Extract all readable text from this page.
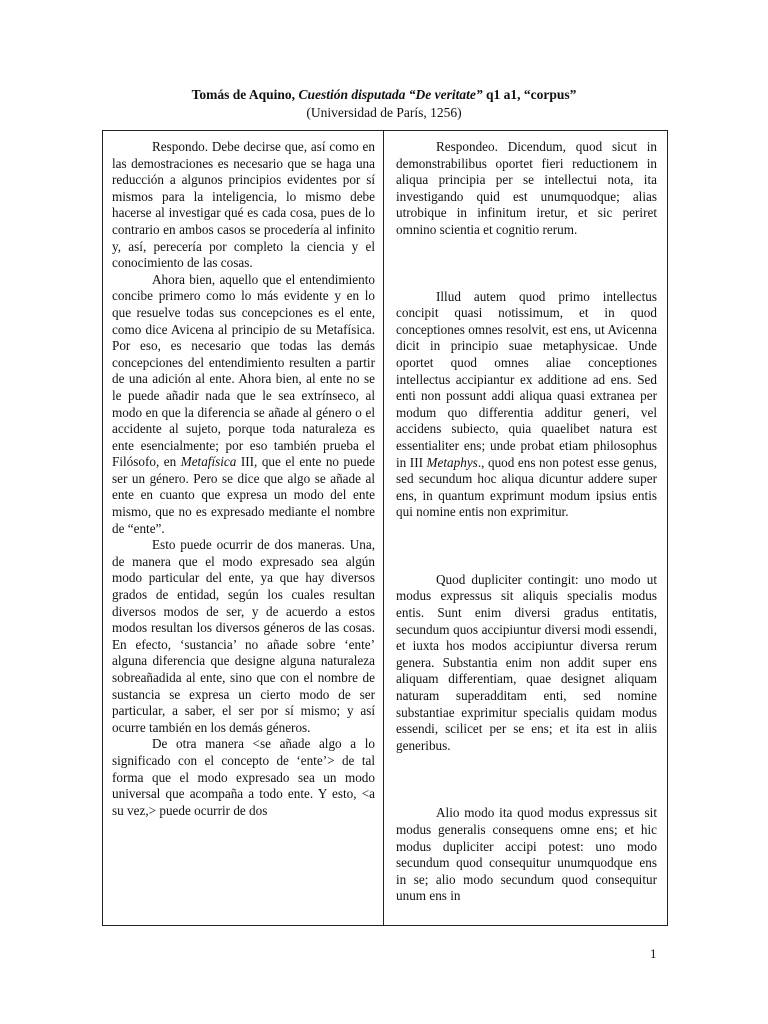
Tomás de Aquino, Cuestión disputada “De veritate” q1 a1, “corpus”
(Universidad de París, 1256)

Respondo. Debe decirse que, así como en las demostraciones es necesario que se haga una reducción a algunos principios evidentes por sí mismos para la inteligencia, lo mismo debe hacerse al investigar qué es cada cosa, pues de lo contrario en ambos casos se procedería al infinito y, así, perecería por completo la ciencia y el conocimiento de las cosas.

Ahora bien, aquello que el entendimiento concibe primero como lo más evidente y en lo que resuelve todas sus concepciones es el ente, como dice Avicena al principio de su Metafísica. Por eso, es necesario que todas las demás concepciones del entendimiento resulten a partir de una adición al ente. Ahora bien, al ente no se le puede añadir nada que le sea extrínseco, al modo en que la diferencia se añade al género o el accidente al sujeto, porque toda naturaleza es ente esencialmente; por eso también prueba el Filósofo, en Metafísica III, que el ente no puede ser un género. Pero se dice que algo se añade al ente en cuanto que expresa un modo del ente mismo, que no es expresado mediante el nombre de “ente”.

Esto puede ocurrir de dos maneras. Una, de manera que el modo expresado sea algún modo particular del ente, ya que hay diversos grados de entidad, según los cuales resultan diversos modos de ser, y de acuerdo a estos modos resultan los diversos géneros de las cosas. En efecto, ‘sustancia’ no añade sobre ‘ente’ alguna diferencia que designe alguna naturaleza sobreañadida al ente, sino que con el nombre de sustancia se expresa un cierto modo de ser particular, a saber, el ser por sí mismo; y así ocurre también en los demás géneros.

De otra manera <se añade algo a lo significado con el concepto de ‘ente’> de tal forma que el modo expresado sea un modo universal que acompaña a todo ente. Y esto, <a su vez,> puede ocurrir de dos

Respondeo. Dicendum, quod sicut in demonstrabilibus oportet fieri reductionem in aliqua principia per se intellectui nota, ita investigando quid est unumquodque; alias utrobique in infinitum iretur, et sic periret omnino scientia et cognitio rerum.

Illud autem quod primo intellectus concipit quasi notissimum, et in quod conceptiones omnes resolvit, est ens, ut Avicenna dicit in principio suae metaphysicae. Unde oportet quod omnes aliae conceptiones intellectus accipiantur ex additione ad ens. Sed enti non possunt addi aliqua quasi extranea per modum quo differentia additur generi, vel accidens subiecto, quia quaelibet natura est essentialiter ens; unde probat etiam philosophus in III Metaphys., quod ens non potest esse genus, sed secundum hoc aliqua dicuntur addere super ens, in quantum exprimunt modum ipsius entis qui nomine entis non exprimitur.

Quod dupliciter contingit: uno modo ut modus expressus sit aliquis specialis modus entis. Sunt enim diversi gradus entitatis, secundum quos accipiuntur diversi modi essendi, et iuxta hos modos accipiuntur diversa rerum genera. Substantia enim non addit super ens aliquam differentiam, quae designet aliquam naturam superadditam enti, sed nomine substantiae exprimitur specialis quidam modus essendi, scilicet per se ens; et ita est in aliis generibus.

Alio modo ita quod modus expressus sit modus generalis consequens omne ens; et hic modus dupliciter accipi potest: uno modo secundum quod consequitur unumquodque ens in se; alio modo secundum quod consequitur unum ens in

1
